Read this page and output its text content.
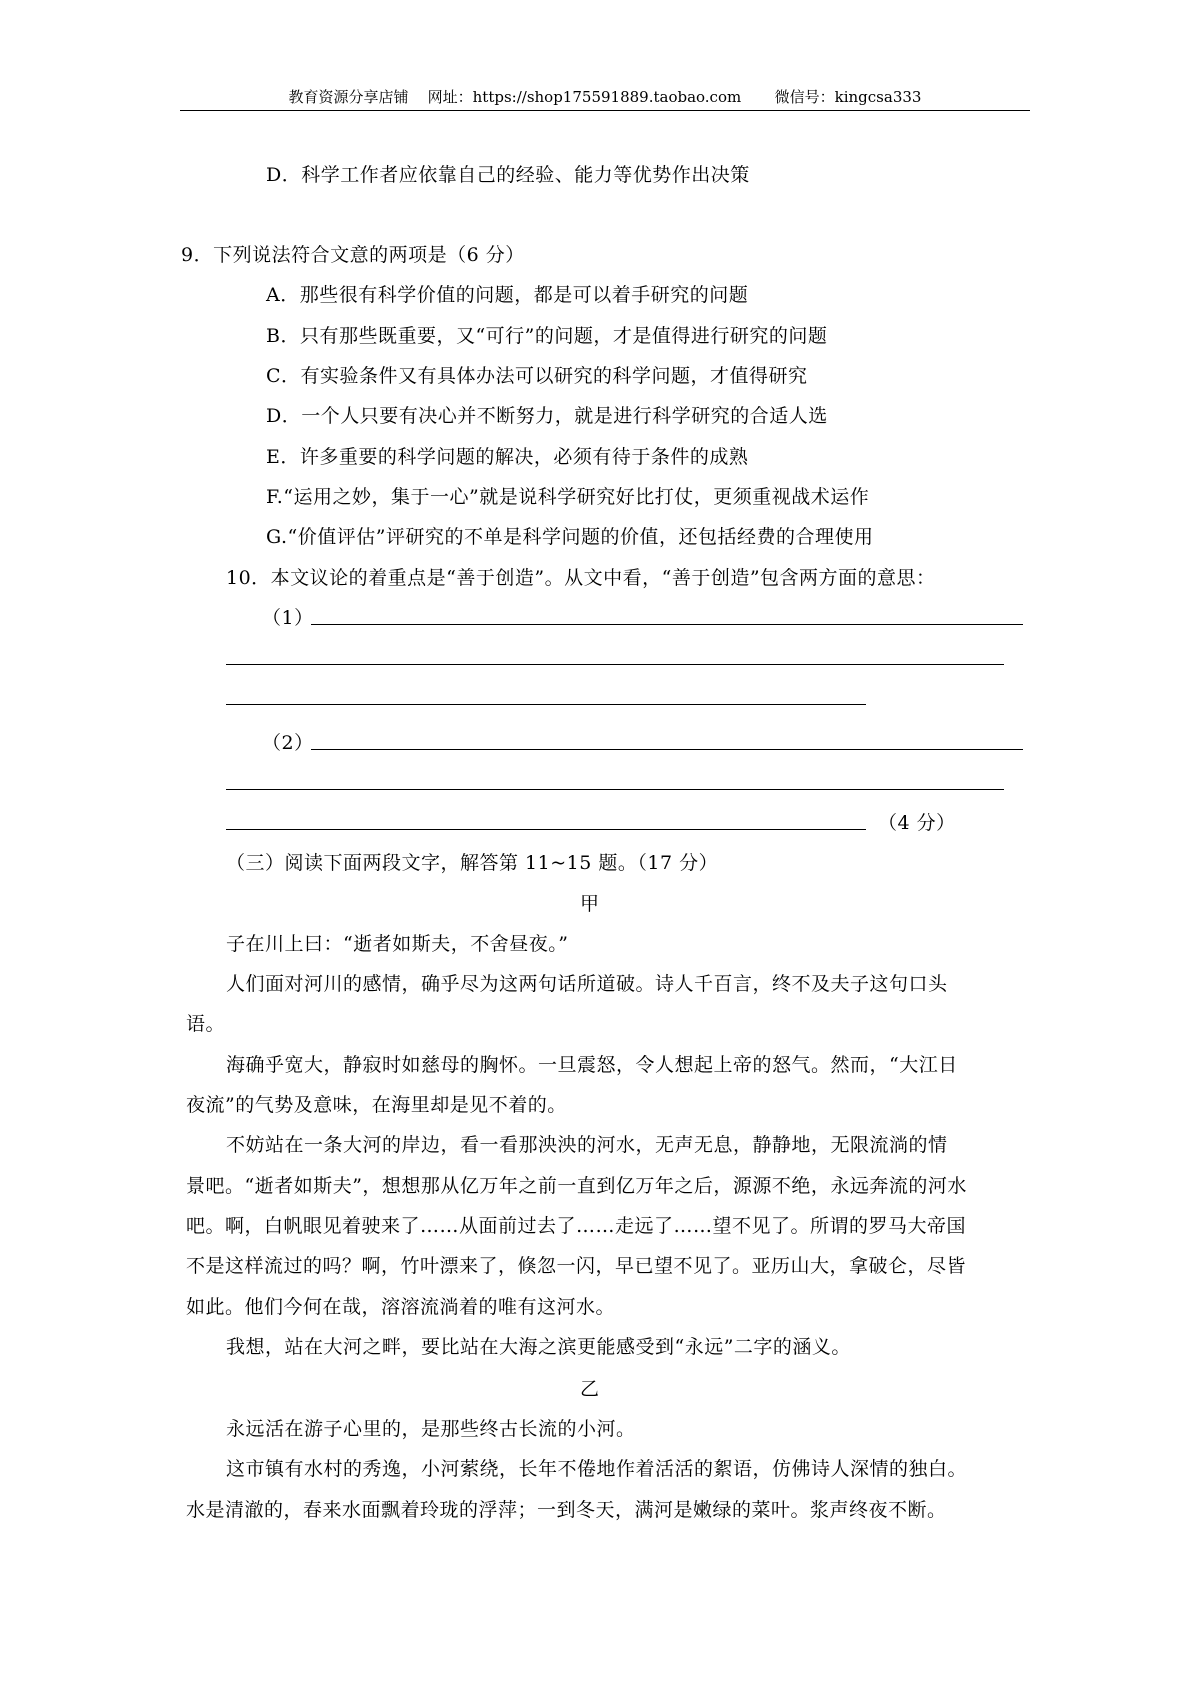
教育资源分享店铺 网址：https://shop175591889.taobao.com 微信号：kingcsa333
D．科学工作者应依靠自己的经验、能力等优势作出决策
9．下列说法符合文意的两项是（6 分）
A．那些很有科学价值的问题，都是可以着手研究的问题
B．只有那些既重要，又“可行”的问题，才是值得进行研究的问题
C．有实验条件又有具体办法可以研究的科学问题，才值得研究
D．一个人只要有决心并不断努力，就是进行科学研究的合适人选
E．许多重要的科学问题的解决，必须有待于条件的成熟
F.“运用之妙，集于一心”就是说科学研究好比打仗，更须重视战术运作
G.“价值评估”评研究的不单是科学问题的价值，还包括经费的合理使用
10．本文议论的着重点是“善于创造”。从文中看，“善于创造”包含两方面的意思：
（1）
（2）
（4 分）
（三）阅读下面两段文字，解答第 11~15 题。（17 分）
甲
子在川上曰：“逝者如斯夫，不舍昼夜。”
人们面对河川的感情，确乎尽为这两句话所道破。诗人千百言，终不及夫子这句口头
语。
海确乎宽大，静寂时如慈母的胸怀。一旦震怒，令人想起上帝的怒气。然而，“大江日
夜流”的气势及意味，在海里却是见不着的。
不妨站在一条大河的岸边，看一看那泱泱的河水，无声无息，静静地，无限流淌的情
景吧。“逝者如斯夫”，想想那从亿万年之前一直到亿万年之后，源源不绝，永远奔流的河水
吧。啊，白帆眼见着驶来了……从面前过去了……走远了……望不见了。所谓的罗马大帝国
不是这样流过的吗？啊，竹叶漂来了，倏忽一闪，早已望不见了。亚历山大，拿破仑，尽皆
如此。他们今何在哉，溶溶流淌着的唯有这河水。
我想，站在大河之畔，要比站在大海之滨更能感受到“永远”二字的涵义。
乙
永远活在游子心里的，是那些终古长流的小河。
这市镇有水村的秀逸，小河萦绕，长年不倦地作着活活的絮语，仿佛诗人深情的独白。
水是清澈的，春来水面飘着玲珑的浮萍；一到冬天，满河是嫩绿的菜叶。浆声终夜不断。
